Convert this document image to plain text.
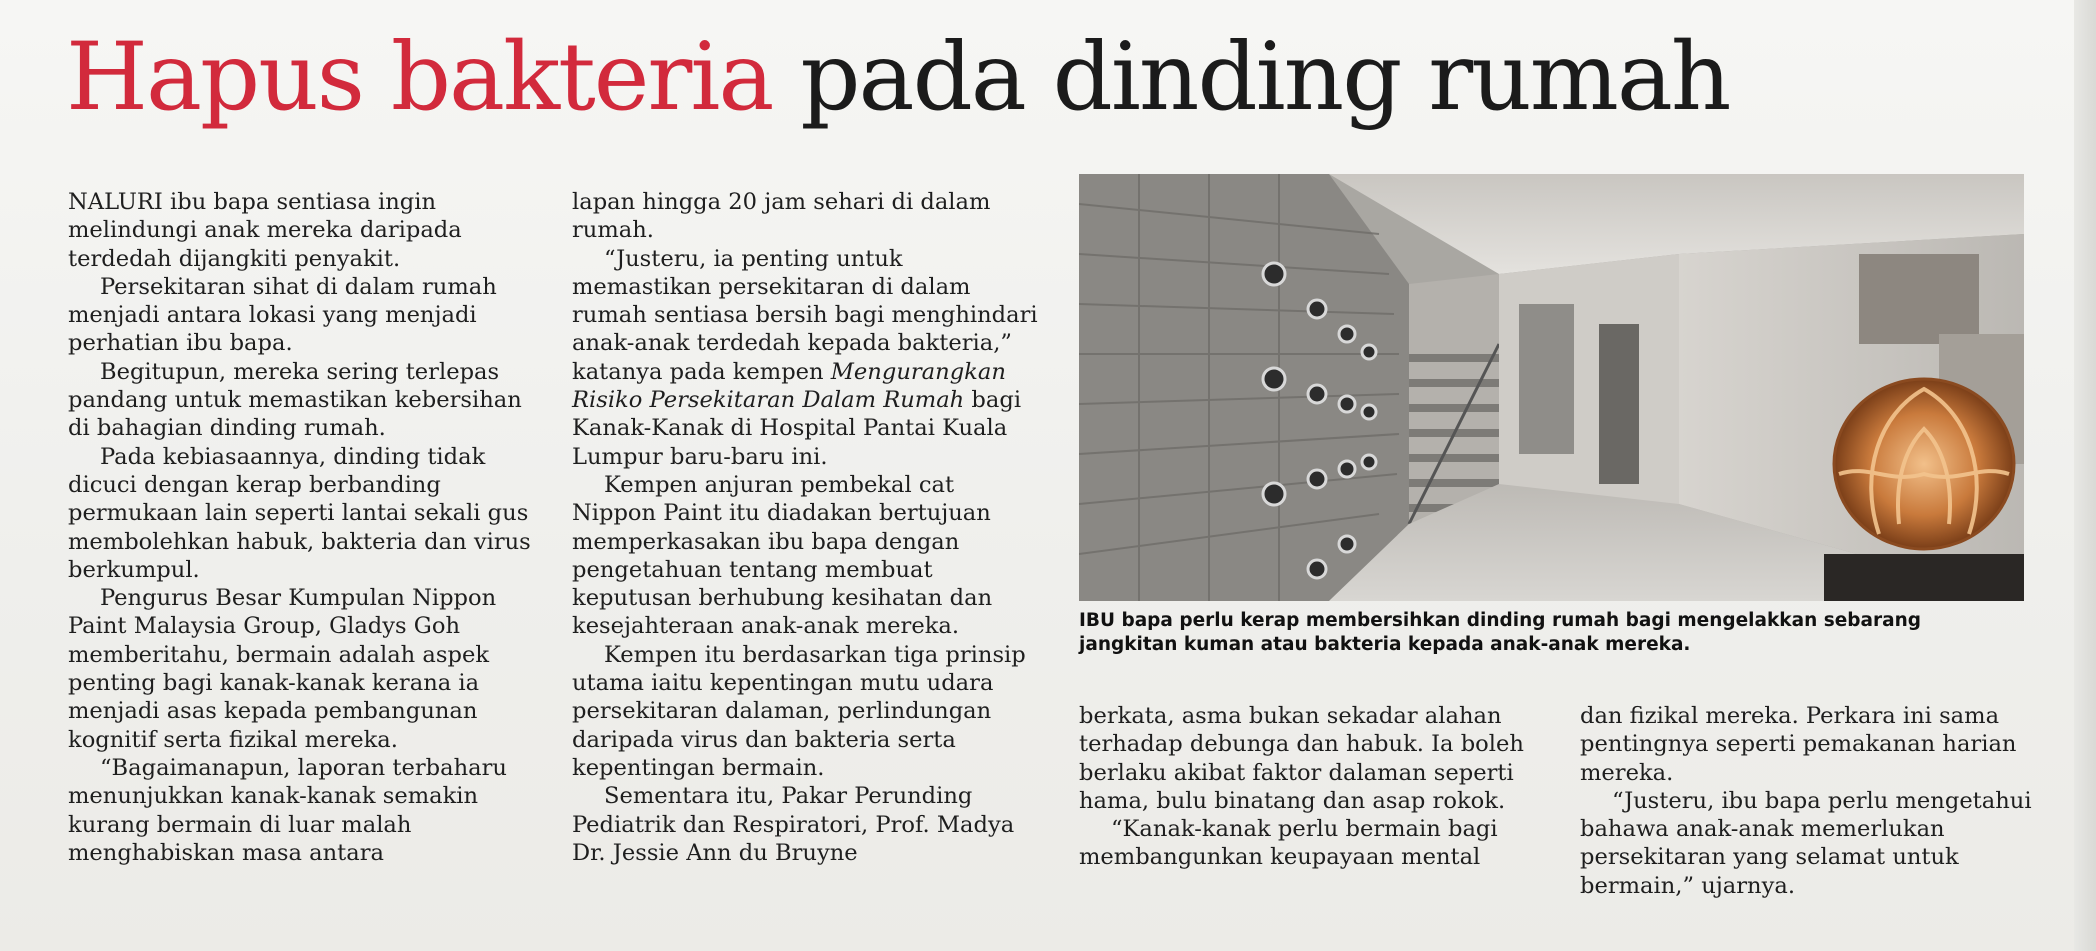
Hapus bakteria pada dinding rumah

NALURI ibu bapa sentiasa ingin melindungi anak mereka daripada terdedah dijangkiti penyakit.

Persekitaran sihat di dalam rumah menjadi antara lokasi yang menjadi perhatian ibu bapa.

Begitupun, mereka sering terlepas pandang untuk memastikan kebersihan di bahagian dinding rumah.

Pada kebiasaannya, dinding tidak dicuci dengan kerap berbanding permukaan lain seperti lantai sekali gus membolehkan habuk, bakteria dan virus berkumpul.

Pengurus Besar Kumpulan Nippon Paint Malaysia Group, Gladys Goh memberitahu, bermain adalah aspek penting bagi kanak-kanak kerana ia menjadi asas kepada pembangunan kognitif serta fizikal mereka.

“Bagaimanapun, laporan terbaharu menunjukkan kanak-kanak semakin kurang bermain di luar malah menghabiskan masa antara

lapan hingga 20 jam sehari di dalam rumah.

“Justeru, ia penting untuk memastikan persekitaran di dalam rumah sentiasa bersih bagi menghindari anak-anak terdedah kepada bakteria,” katanya pada kempen Mengurangkan Risiko Persekitaran Dalam Rumah bagi Kanak-Kanak di Hospital Pantai Kuala Lumpur baru-baru ini.

Kempen anjuran pembekal cat Nippon Paint itu diadakan bertujuan memperkasakan ibu bapa dengan pengetahuan tentang membuat keputusan berhubung kesihatan dan kesejahteraan anak-anak mereka.

Kempen itu berdasarkan tiga prinsip utama iaitu kepentingan mutu udara persekitaran dalaman, perlindungan daripada virus dan bakteria serta kepentingan bermain.

Sementara itu, Pakar Perunding Pediatrik dan Respiratori, Prof. Madya Dr. Jessie Ann du Bruyne

IBU bapa perlu kerap membersihkan dinding rumah bagi mengelakkan sebarang jangkitan kuman atau bakteria kepada anak-anak mereka.

berkata, asma bukan sekadar alahan terhadap debunga dan habuk. Ia boleh berlaku akibat faktor dalaman seperti hama, bulu binatang dan asap rokok.

“Kanak-kanak perlu bermain bagi membangunkan keupayaan mental

dan fizikal mereka. Perkara ini sama pentingnya seperti pemakanan harian mereka.

“Justeru, ibu bapa perlu mengetahui bahawa anak-anak memerlukan persekitaran yang selamat untuk bermain,” ujarnya.
